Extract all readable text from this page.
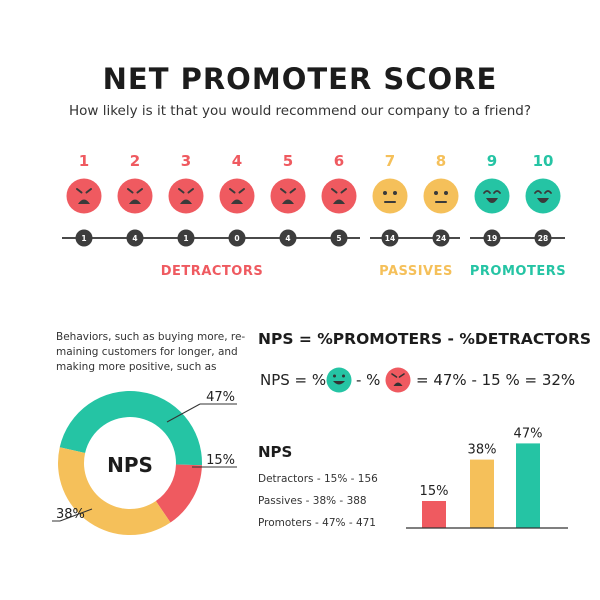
NET PROMOTER SCORE
How likely is it that you would recommend our company to a friend?
1
1
2
4
3
1
4
0
5
4
6
5
7
14
8
24
9
19
10
28
DETRACTORS	PASSIVES PROMOTERS
Behaviors, such as buying more, re-maining customers for longer, and making more positive, such as
NPS = %PROMOTERS - %DETRACTORS
NPS = % - % = 47% - 15 % = 32%
NPS
47%
15%
38%
NPS
Detractors - 15% - 156
Passives - 38% - 388
Promoters - 47% - 471
15%
38%
47%
